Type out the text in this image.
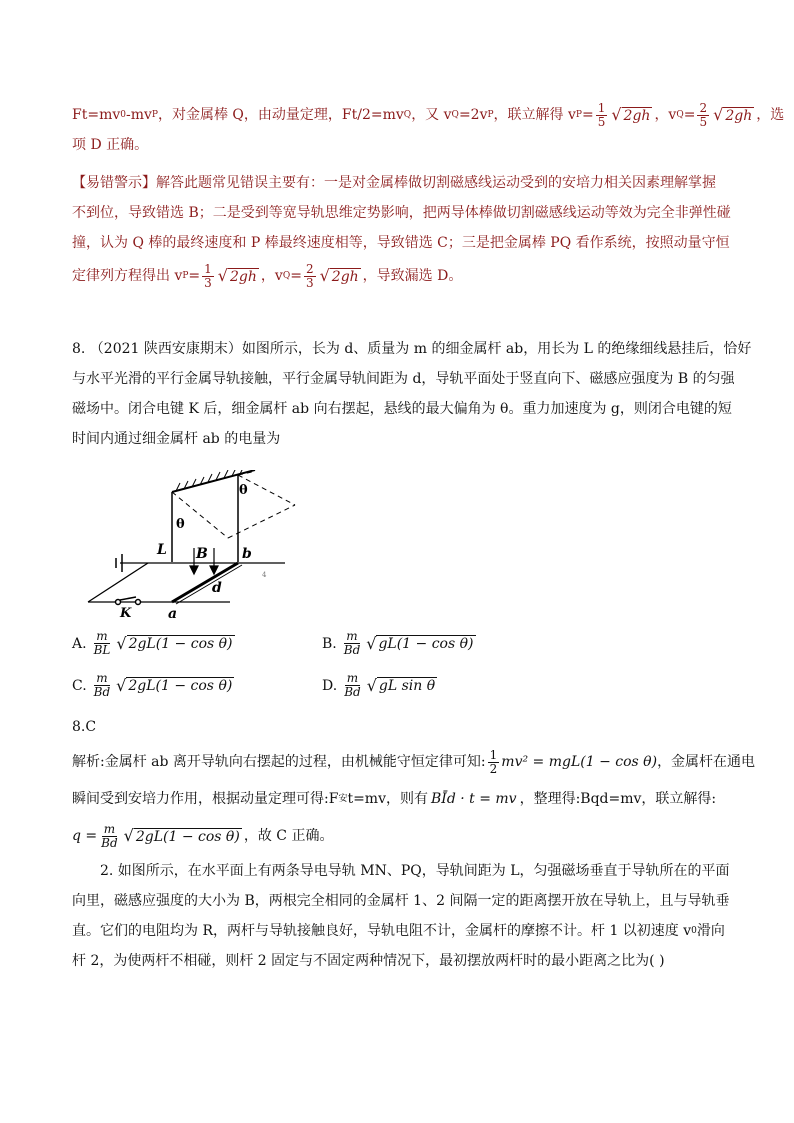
Ft=mv 0 -mv P ，对金属棒 Q，由动量定理，Ft/2=mv Q ，又 v Q =2v P ，联立解得 v $P = \frac{1}{5}$ √ 2gh ，v $Q = \frac{2}{5}$ √ 2gh ，选
项 D 正确。
【易错警示】 解答此题常见错误主要有：一是对金属棒做切割磁感线运动受到的安培力相关因素理解掌握
不到位，导致错选 B；二是受到等宽导轨思维定势影响，把两导体棒做切割磁感线运动等效为完全非弹性碰
撞，认为 Q 棒的最终速度和 P 棒最终速度相等，导致错选 C；三是把金属棒 PQ 看作系统，按照动量守恒
定律列方程得出 v $P = \frac{1}{3}$ √ 2gh ，v $Q = \frac{2}{3}$ √ 2gh ，导致漏选 D。
8. （2021 陕西安康期末）如图所示，长为 d、质量为 m 的细金属杆 ab，用长为 L 的绝缘细线悬挂后，恰好
与水平光滑的平行金属导轨接触，平行金属导轨间距为 d，导轨平面处于竖直向下、磁感应强度为 B 的匀强
磁场中。闭合电键 K 后，细金属杆 ab 向右摆起，悬线的最大偏角为 θ。重力加速度为 g，则闭合电键的短
时间内通过细金属杆 ab 的电量为
θ
θ
L B b
d
K	a
4
A. $\frac{m}{BL}$ √ 2gL(1 − cos θ)	B. $\frac{m}{Bd}$ √ gL(1 − cos θ)
C. $\frac{m}{Bd}$ √ 2gL(1 − cos θ)	D. $\frac{m}{Bd}$ √ gL sin θ
8.C
解析:金属杆 ab 离开导轨向右摆起的过程，由机械能守恒定律可知: $\frac{1}{2} mv^2 = mgL(1 - \cos \theta)$ ，金属杆在通电
瞬间受到安培力作用，根据动量定理可得:F 安 t=mv，则有 BĪd · t = mv ，整理得:Bqd=mv，联立解得:
$q = \frac{m}{Bd}$ √ 2gL(1 − cos θ) ，故 C 正确。
2. 如图所示，在水平面上有两条导电导轨 MN、PQ，导轨间距为 L，匀强磁场垂直于导轨所在的平面
向里，磁感应强度的大小为 B，两根完全相同的金属杆 1、2 间隔一定的距离摆开放在导轨上，且与导轨垂
直。它们的电阻均为 R，两杆与导轨接触良好，导轨电阻不计，金属杆的摩擦不计。杆 1 以初速度 v 0 滑向
杆 2，为使两杆不相碰，则杆 2 固定与不固定两种情况下，最初摆放两杆时的最小距离之比为( )
